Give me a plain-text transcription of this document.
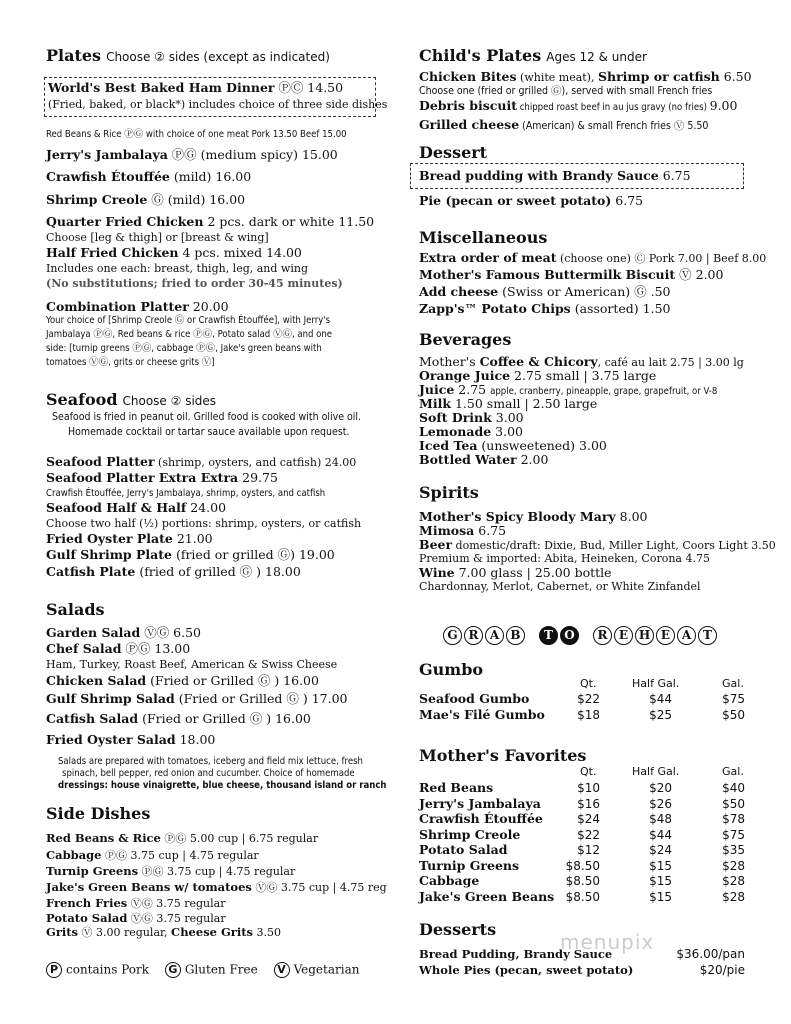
Plates Choose ② sides (except as indicated)
World's Best Baked Ham Dinner ⓅⒸ 14.50
(Fried, baked, or black*) includes choice of three side dishes
Red Beans & Rice ⓅⒼ with choice of one meat Pork 13.50 Beef 15.00
Jerry's Jambalaya ⓅⒼ (medium spicy) 15.00
Crawfish Étouffée (mild) 16.00
Shrimp Creole Ⓖ (mild) 16.00
Quarter Fried Chicken 2 pcs. dark or white 11.50
Choose [leg & thigh] or [breast & wing]
Half Fried Chicken 4 pcs. mixed 14.00
Includes one each: breast, thigh, leg, and wing
(No substitutions; fried to order 30-45 minutes)
Combination Platter 20.00
Your choice of [Shrimp Creole Ⓖ or Crawfish Étouffée], with Jerry's
Jambalaya ⓅⒼ, Red beans & rice ⓅⒼ, Potato salad ⓋⒼ, and one
side: [turnip greens ⓅⒼ, cabbage ⓅⒼ, Jake's green beans with
tomatoes ⓋⒼ, grits or cheese grits Ⓥ]
Seafood Choose ② sides
Seafood is fried in peanut oil. Grilled food is cooked with olive oil.
Homemade cocktail or tartar sauce available upon request.
Seafood Platter (shrimp, oysters, and catfish) 24.00
Seafood Platter Extra Extra 29.75
Crawfish Étouffée, Jerry's Jambalaya, shrimp, oysters, and catfish
Seafood Half & Half 24.00
Choose two half (½) portions: shrimp, oysters, or catfish
Fried Oyster Plate 21.00
Gulf Shrimp Plate (fried or grilled Ⓖ) 19.00
Catfish Plate (fried of grilled Ⓖ ) 18.00
Salads
Garden Salad ⓋⒼ 6.50
Chef Salad ⓅⒼ 13.00
Ham, Turkey, Roast Beef, American & Swiss Cheese
Chicken Salad (Fried or Grilled Ⓖ ) 16.00
Gulf Shrimp Salad (Fried or Grilled Ⓖ ) 17.00
Catfish Salad (Fried or Grilled Ⓖ ) 16.00
Fried Oyster Salad 18.00
Salads are prepared with tomatoes, iceberg and field mix lettuce, fresh
spinach, bell pepper, red onion and cucumber. Choice of homemade
dressings: house vinaigrette, blue cheese, thousand island or ranch
Side Dishes
Red Beans & Rice ⓅⒼ 5.00 cup | 6.75 regular
Cabbage ⓅⒼ 3.75 cup | 4.75 regular
Turnip Greens ⓅⒼ 3.75 cup | 4.75 regular
Jake's Green Beans w/ tomatoes ⓋⒼ 3.75 cup | 4.75 reg
French Fries ⓋⒼ 3.75 regular
Potato Salad ⓋⒼ 3.75 regular
Grits Ⓥ 3.00 regular, Cheese Grits 3.50
P contains Pork G Gluten Free V Vegetarian
Child's Plates Ages 12 & under
Chicken Bites (white meat), Shrimp or catfish 6.50
Choose one (fried or grilled Ⓖ), served with small French fries
Debris biscuit chipped roast beef in au jus gravy (no fries) 9.00
Grilled cheese (American) & small French fries Ⓥ 5.50
Dessert
Bread pudding with Brandy Sauce 6.75
Pie (pecan or sweet potato) 6.75
Miscellaneous
Extra order of meat (choose one) Ⓒ Pork 7.00 | Beef 8.00
Mother's Famous Buttermilk Biscuit Ⓥ 2.00
Add cheese (Swiss or American) Ⓖ .50
Zapp's™ Potato Chips (assorted) 1.50
Beverages
Mother's Coffee & Chicory, café au lait 2.75 | 3.00 lg
Orange Juice 2.75 small | 3.75 large
Juice 2.75 apple, cranberry, pineapple, grape, grapefruit, or V-8
Milk 1.50 small | 2.50 large
Soft Drink 3.00
Lemonade 3.00
Iced Tea (unsweetened) 3.00
Bottled Water 2.00
Spirits
Mother's Spicy Bloody Mary 8.00
Mimosa 6.75
Beer domestic/draft: Dixie, Bud, Miller Light, Coors Light 3.50
Premium & imported: Abita, Heineken, Corona 4.75
Wine 7.00 glass | 25.00 bottle
Chardonnay, Merlot, Cabernet, or White Zinfandel
G R A B T O R E H E A T
Gumbo
Qt.	Half Gal.	Gal.
Seafood Gumbo	$22	$44	$75
Mae's Filé Gumbo	$18	$25	$50
Mother's Favorites
Qt.	Half Gal.	Gal.
Red Beans	$10	$20	$40
Jerry's Jambalaya	$16	$26	$50
Crawfish Étouffée	$24	$48	$78
Shrimp Creole	$22	$44	$75
Potato Salad	$12	$24	$35
Turnip Greens	$8.50	$15	$28
Cabbage	$8.50	$15	$28
Jake's Green Beans $8.50	$15	$28
Desserts
Bread Pudding, Brandy Sauce	$36.00/pan
Whole Pies (pecan, sweet potato)	$20/pie
menupix
